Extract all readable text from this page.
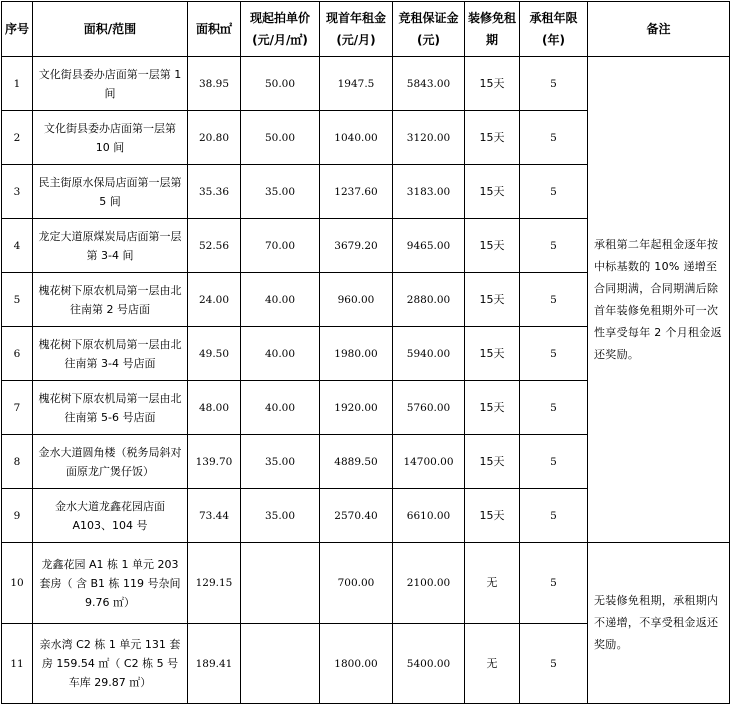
序号	面积/范围	面积㎡	现起拍单价(元/月/㎡)	现首年租金(元/月)	竞租保证金(元)	装修免租期	承租年限(年)	备注
1	文化街县委办店面第一层第 1 间	38.95	50.00	1947.5	5843.00	15天	5	承租第二年起租金逐年按中标基数的 10% 递增至合同期满，合同期满后除首年装修免租期外可一次性享受每年 2 个月租金返还奖励。
2	文化街县委办店面第一层第 10 间	20.80	50.00	1040.00	3120.00	15天	5	
3	民主街原水保局店面第一层第 5 间	35.36	35.00	1237.60	3183.00	15天	5	
4	龙定大道原煤炭局店面第一层第 3-4 间	52.56	70.00	3679.20	9465.00	15天	5	
5	槐花树下原农机局第一层由北往南第 2 号店面	24.00	40.00	960.00	2880.00	15天	5	
6	槐花树下原农机局第一层由北往南第 3-4 号店面	49.50	40.00	1980.00	5940.00	15天	5	
7	槐花树下原农机局第一层由北往南第 5-6 号店面	48.00	40.00	1920.00	5760.00	15天	5	
8	金水大道圆角楼（税务局斜对面原龙广煲仔饭）	139.70	35.00	4889.50	14700.00	15天	5	
9	金水大道龙鑫花园店面 A103、104 号	73.44	35.00	2570.40	6610.00	15天	5	
10	龙鑫花园 A1 栋 1 单元 203 套房（ 含 B1 栋 119 号杂间 9.76 ㎡）	129.15		700.00	2100.00	无	5	无装修免租期，承租期内不递增，不享受租金返还奖励。
11	亲水湾 C2 栋 1 单元 131 套房 159.54 ㎡（ C2 栋 5 号车库 29.87 ㎡）	189.41		1800.00	5400.00	无	5	
